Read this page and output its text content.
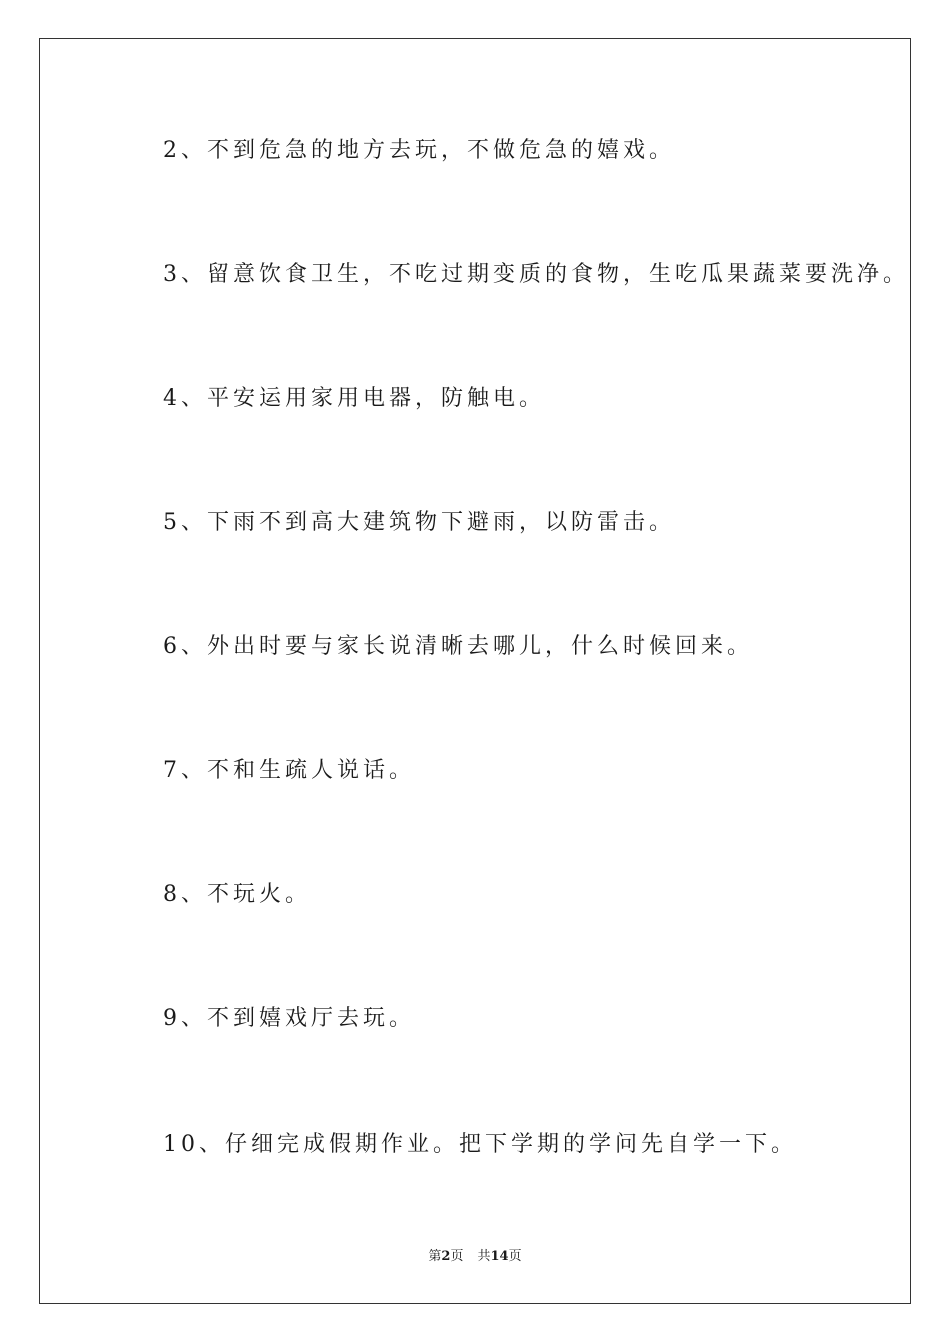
2、不到危急的地方去玩，不做危急的嬉戏。
3、留意饮食卫生，不吃过期变质的食物，生吃瓜果蔬菜要洗净。
4、平安运用家用电器，防触电。
5、下雨不到高大建筑物下避雨，以防雷击。
6、外出时要与家长说清晰去哪儿，什么时候回来。
7、不和生疏人说话。
8、不玩火。
9、不到嬉戏厅去玩。
10、仔细完成假期作业。把下学期的学问先自学一下。
第2页 共14页
